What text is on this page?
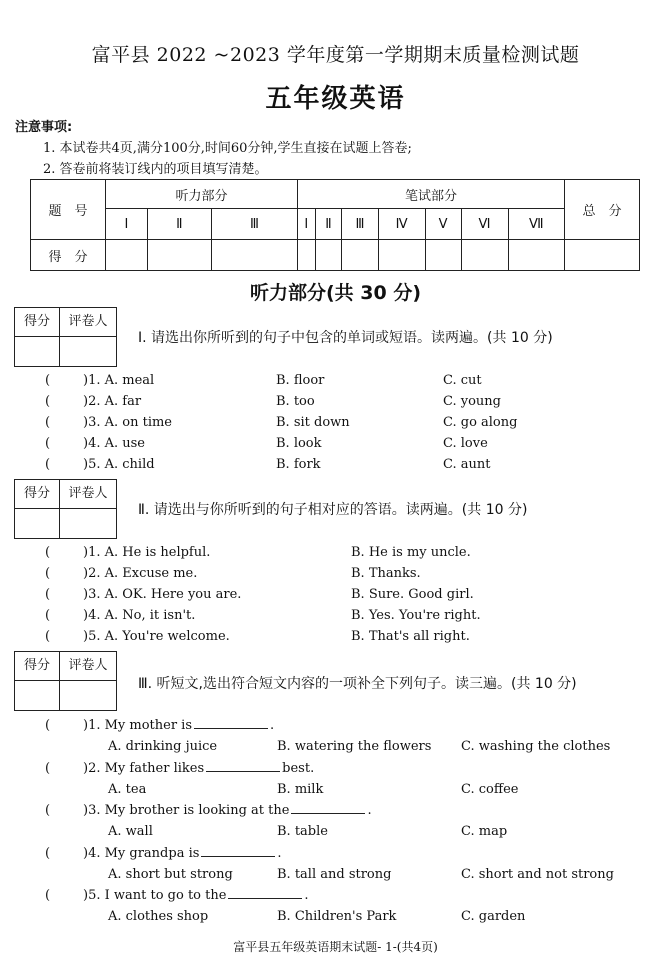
富平县 2022 ~2023 学年度第一学期期末质量检测试题
五年级英语
注意事项:
1. 本试卷共4页,满分100分,时间60分钟,学生直接在试题上答卷;
2. 答卷前将装订线内的项目填写清楚。
题　号	听力部分			笔试部分							总　分
	Ⅰ	Ⅱ	Ⅲ	Ⅰ	Ⅱ	Ⅲ	Ⅳ	Ⅴ	Ⅵ	Ⅶ	
得　分											
听力部分(共 30 分)
得分	评卷人
Ⅰ. 请选出你所听到的句子中包含的单词或短语。读两遍。(共 10 分)
(	)1. A. meal	B. floor	C. cut
(	)2. A. far	B. too	C. young
(	)3. A. on time	B. sit down	C. go along
(	)4. A. use	B. look	C. love
(	)5. A. child	B. fork	C. aunt
得分	评卷人
Ⅱ. 请选出与你所听到的句子相对应的答语。读两遍。(共 10 分)
(	)1. A. He is helpful.	B. He is my uncle.
(	)2. A. Excuse me.	B. Thanks.
(	)3. A. OK. Here you are.	B. Sure. Good girl.
(	)4. A. No, it isn't.	B. Yes. You're right.
(	)5. A. You're welcome.	B. That's all right.
得分	评卷人
Ⅲ. 听短文,选出符合短文内容的一项补全下列句子。读三遍。(共 10 分)
(	)1. My mother is	.
A. drinking juice	B. watering the flowers C. washing the clothes
(	)2. My father likes	best.
A. tea	B. milk	C. coffee
(	)3. My brother is looking at the	.
A. wall	B. table	C. map
(	)4. My grandpa is	.
A. short but strong	B. tall and strong	C. short and not strong
(	)5. I want to go to the	.
A. clothes shop	B. Children's Park	C. garden
富平县五年级英语期末试题- 1-(共4页)
